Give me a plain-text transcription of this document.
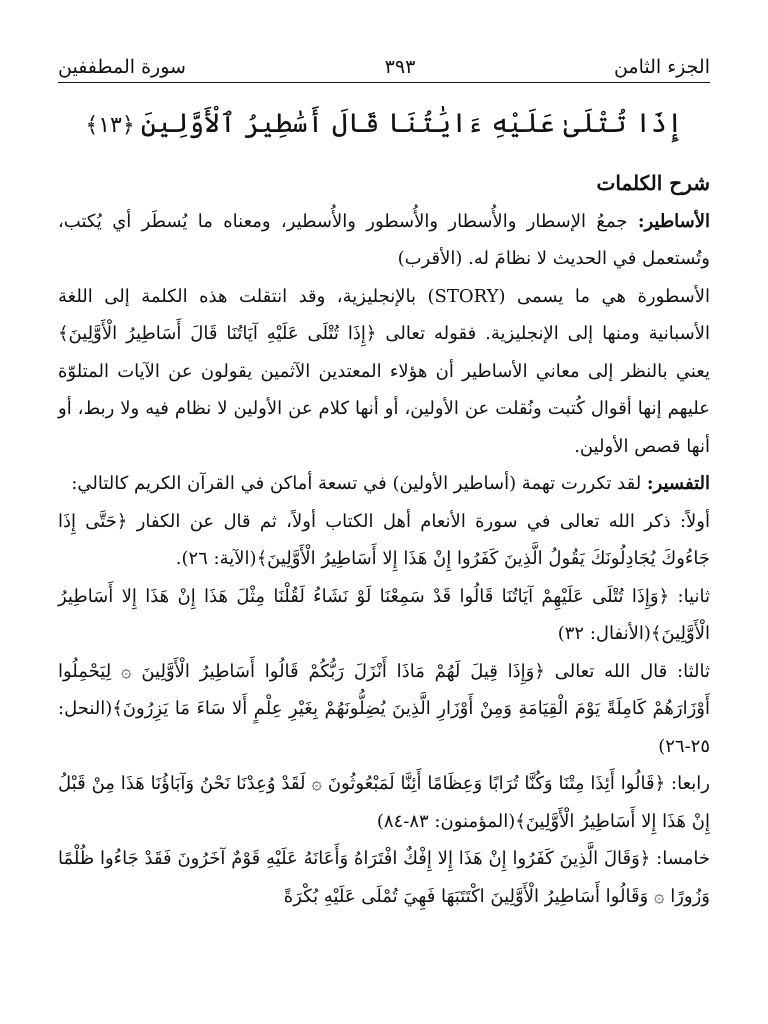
الجزء الثامن
٣٩٣
سورة المطففين
إِذَا تُتْلَىٰ عَلَيْهِ ءَايَٰتُنَا قَالَ أَسَٰطِيرُ ٱلْأَوَّلِينَ﴿١٣﴾

شرح الكلمات

الأساطير: جمعُ الإسطار والأُسطار والأُسطور والأُسطير، ومعناه ما يُسطَر أي يُكتب، وتُستعمل في الحديث لا نظامَ له. (الأقرب)

الأسطورة هي ما يسمى (STORY) بالإنجليزية، وقد انتقلت هذه الكلمة إلى اللغة الأسبانية ومنها إلى الإنجليزية. فقوله تعالى ﴿إِذَا تُتْلَى عَلَيْهِ آيَاتُنَا قَالَ أَسَاطِيرُ الْأَوَّلِينَ﴾ يعني بالنظر إلى معاني الأساطير أن هؤلاء المعتدين الآثمين يقولون عن الآيات المتلوّة عليهم إنها أقوال كُتبت ونُقلت عن الأولين، أو أنها كلام عن الأولين لا نظام فيه ولا ربط، أو أنها قصص الأولين.

التفسير: لقد تكررت تهمة (أساطير الأولين) في تسعة أماكن في القرآن الكريم كالتالي:

أولاً: ذكر الله تعالى في سورة الأنعام أهل الكتاب أولاً، ثم قال عن الكفار ﴿حَتَّى إِذَا جَاءُوكَ يُجَادِلُونَكَ يَقُولُ الَّذِينَ كَفَرُوا إِنْ هَذَا إِلا أَسَاطِيرُ الْأَوَّلِينَ﴾(الآية: ٢٦).

ثانيا: ﴿وَإِذَا تُتْلَى عَلَيْهِمْ آيَاتُنَا قَالُوا قَدْ سَمِعْنَا لَوْ نَشَاءُ لَقُلْنَا مِثْلَ هَذَا إِنْ هَذَا إِلا أَسَاطِيرُ الْأَوَّلِينَ﴾(الأنفال: ٣٢)

ثالثا: قال الله تعالى ﴿وَإِذَا قِيلَ لَهُمْ مَاذَا أَنْزَلَ رَبُّكُمْ قَالُوا أَسَاطِيرُ الْأَوَّلِينَ ۞ لِيَحْمِلُوا أَوْزَارَهُمْ كَامِلَةً يَوْمَ الْقِيَامَةِ وَمِنْ أَوْزَارِ الَّذِينَ يُضِلُّونَهُمْ بِغَيْرِ عِلْمٍ أَلا سَاءَ مَا يَزِرُونَ﴾(النحل: ٢٥-٢٦)

رابعا: ﴿قَالُوا أَئِذَا مِتْنَا وَكُنَّا تُرَابًا وَعِظَامًا أَئِنَّا لَمَبْعُوثُونَ ۞ لَقَدْ وُعِدْنَا نَحْنُ وَآبَاؤُنَا هَذَا مِنْ قَبْلُ إِنْ هَذَا إِلا أَسَاطِيرُ الْأَوَّلِينَ﴾(المؤمنون: ٨٣-٨٤)

خامسا: ﴿وَقَالَ الَّذِينَ كَفَرُوا إِنْ هَذَا إِلا إِفْكٌ افْتَرَاهُ وَأَعَانَهُ عَلَيْهِ قَوْمٌ آخَرُونَ فَقَدْ جَاءُوا ظُلْمًا وَزُورًا ۞ وَقَالُوا أَسَاطِيرُ الْأَوَّلِينَ اكْتَتَبَهَا فَهِيَ تُمْلَى عَلَيْهِ بُكْرَةً
